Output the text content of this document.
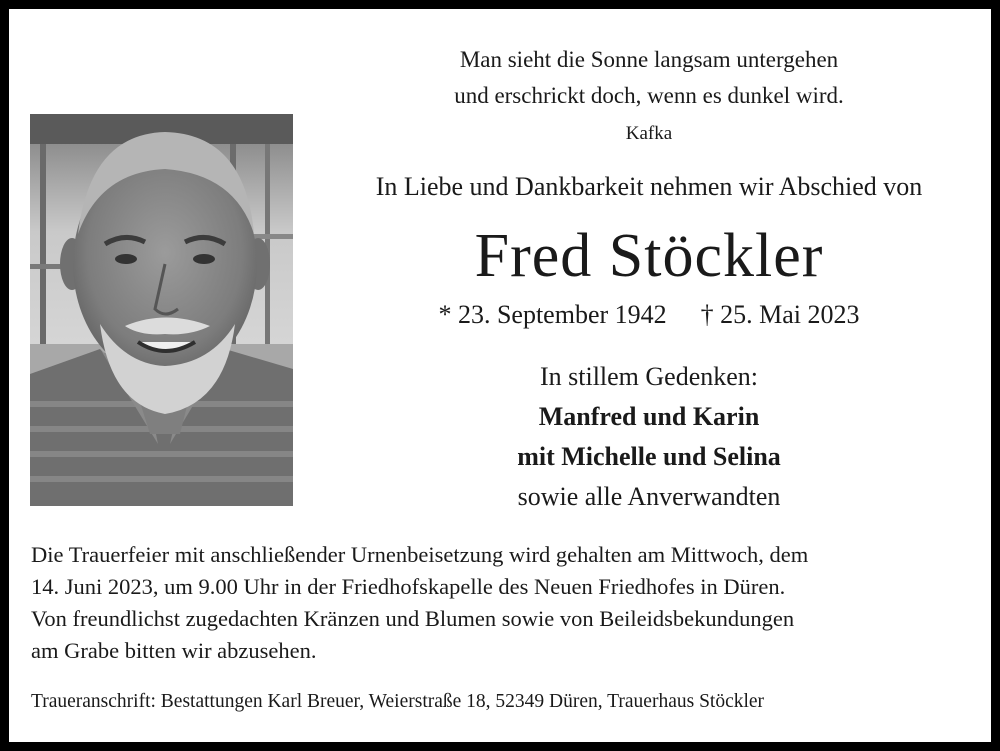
Man sieht die Sonne langsam untergehen
und erschrickt doch, wenn es dunkel wird.
Kafka
In Liebe und Dankbarkeit nehmen wir Abschied von
Fred Stöckler
* 23. September 1942 † 25. Mai 2023
In stillem Gedenken:
Manfred und Karin
mit Michelle und Selina
sowie alle Anverwandten
Die Trauerfeier mit anschließender Urnenbeisetzung wird gehalten am Mittwoch, dem
14. Juni 2023, um 9.00 Uhr in der Friedhofskapelle des Neuen Friedhofes in Düren.
Von freundlichst zugedachten Kränzen und Blumen sowie von Beileidsbekundungen
am Grabe bitten wir abzusehen.
Traueranschrift: Bestattungen Karl Breuer, Weierstraße 18, 52349 Düren, Trauerhaus Stöckler
